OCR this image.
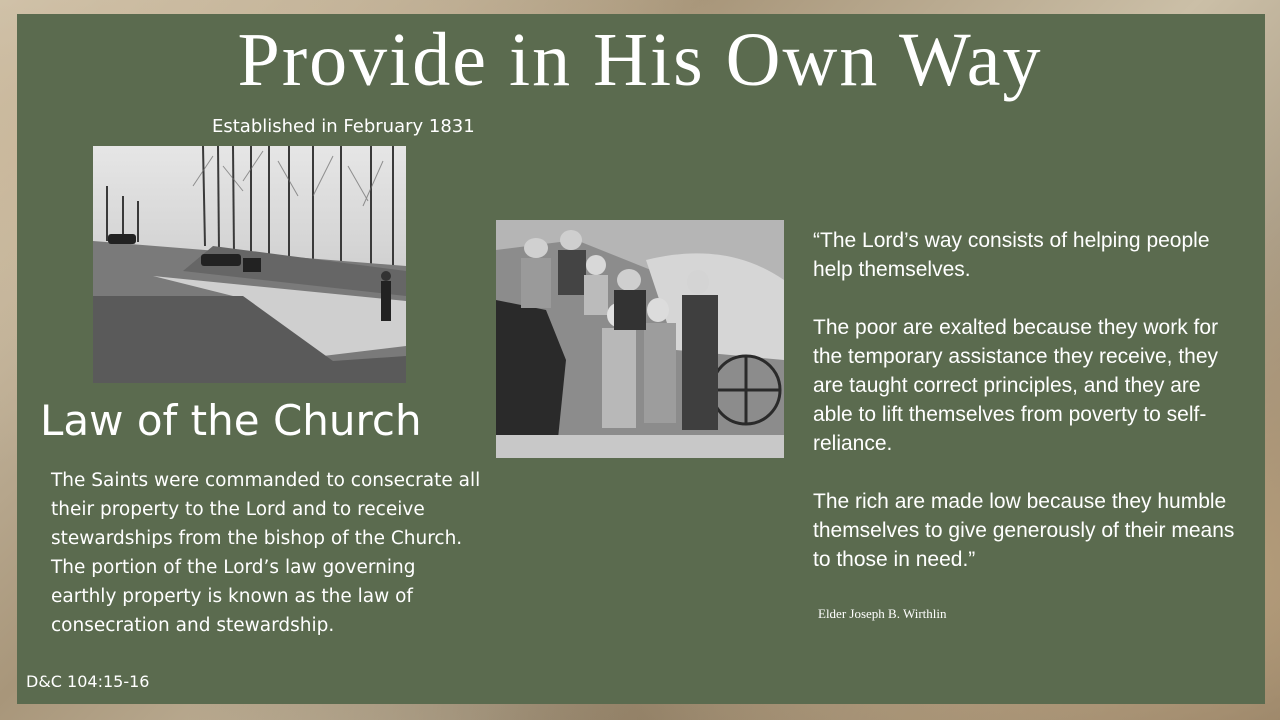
Provide in His Own Way
Established in February 1831
Law of the Church
The Saints were commanded to consecrate all their property to the Lord and to receive stewardships from the bishop of the Church. The portion of the Lord’s law governing earthly property is known as the law of consecration and stewardship.
D&C 104:15-16

“The Lord’s way consists of helping people help themselves.

The poor are exalted because they work for the temporary assistance they receive, they are taught correct principles, and they are able to lift themselves from poverty to self-reliance.

The rich are made low because they humble themselves to give generously of their means to those in need.”

Elder Joseph B. Wirthlin
